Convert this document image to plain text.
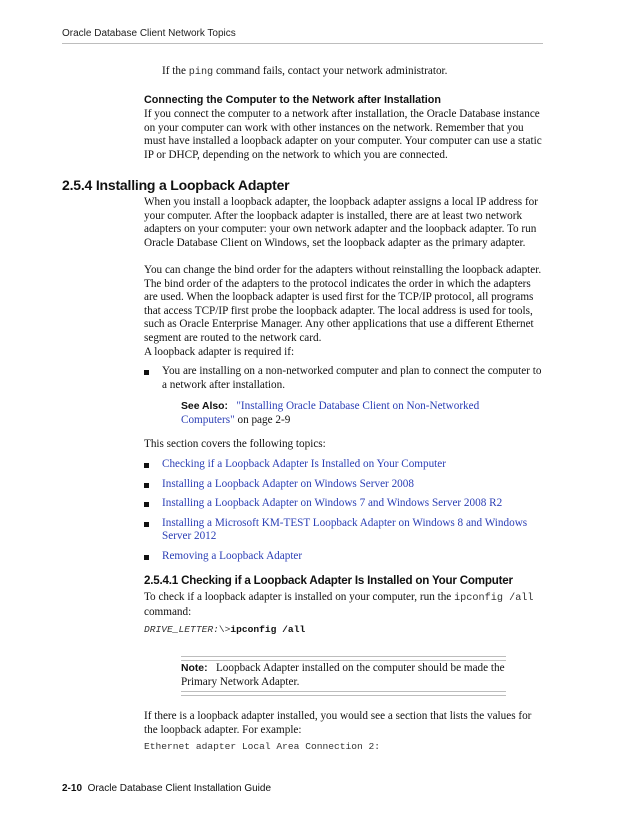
Oracle Database Client Network Topics

If the ping command fails, contact your network administrator.

Connecting the Computer to the Network after Installation

If you connect the computer to a network after installation, the Oracle Database instance on your computer can work with other instances on the network. Remember that you must have installed a loopback adapter on your computer. Your computer can use a static IP or DHCP, depending on the network to which you are connected.

2.5.4 Installing a Loopback Adapter

When you install a loopback adapter, the loopback adapter assigns a local IP address for your computer. After the loopback adapter is installed, there are at least two network adapters on your computer: your own network adapter and the loopback adapter. To run Oracle Database Client on Windows, set the loopback adapter as the primary adapter.

You can change the bind order for the adapters without reinstalling the loopback adapter. The bind order of the adapters to the protocol indicates the order in which the adapters are used. When the loopback adapter is used first for the TCP/IP protocol, all programs that access TCP/IP first probe the loopback adapter. The local address is used for tools, such as Oracle Enterprise Manager. Any other applications that use a different Ethernet segment are routed to the network card.

A loopback adapter is required if:

You are installing on a non-networked computer and plan to connect the computer to a network after installation.
See Also: "Installing Oracle Database Client on Non-Networked Computers" on page 2-9

This section covers the following topics:

Checking if a Loopback Adapter Is Installed on Your Computer
Installing a Loopback Adapter on Windows Server 2008
Installing a Loopback Adapter on Windows 7 and Windows Server 2008 R2
Installing a Microsoft KM-TEST Loopback Adapter on Windows 8 and Windows Server 2012
Removing a Loopback Adapter
2.5.4.1 Checking if a Loopback Adapter Is Installed on Your Computer

To check if a loopback adapter is installed on your computer, run the ipconfig /all command:

DRIVE_LETTER:\>ipconfig /all
Note: Loopback Adapter installed on the computer should be made the Primary Network Adapter.

If there is a loopback adapter installed, you would see a section that lists the values for the loopback adapter. For example:

Ethernet adapter Local Area Connection 2:
2-10 Oracle Database Client Installation Guide
